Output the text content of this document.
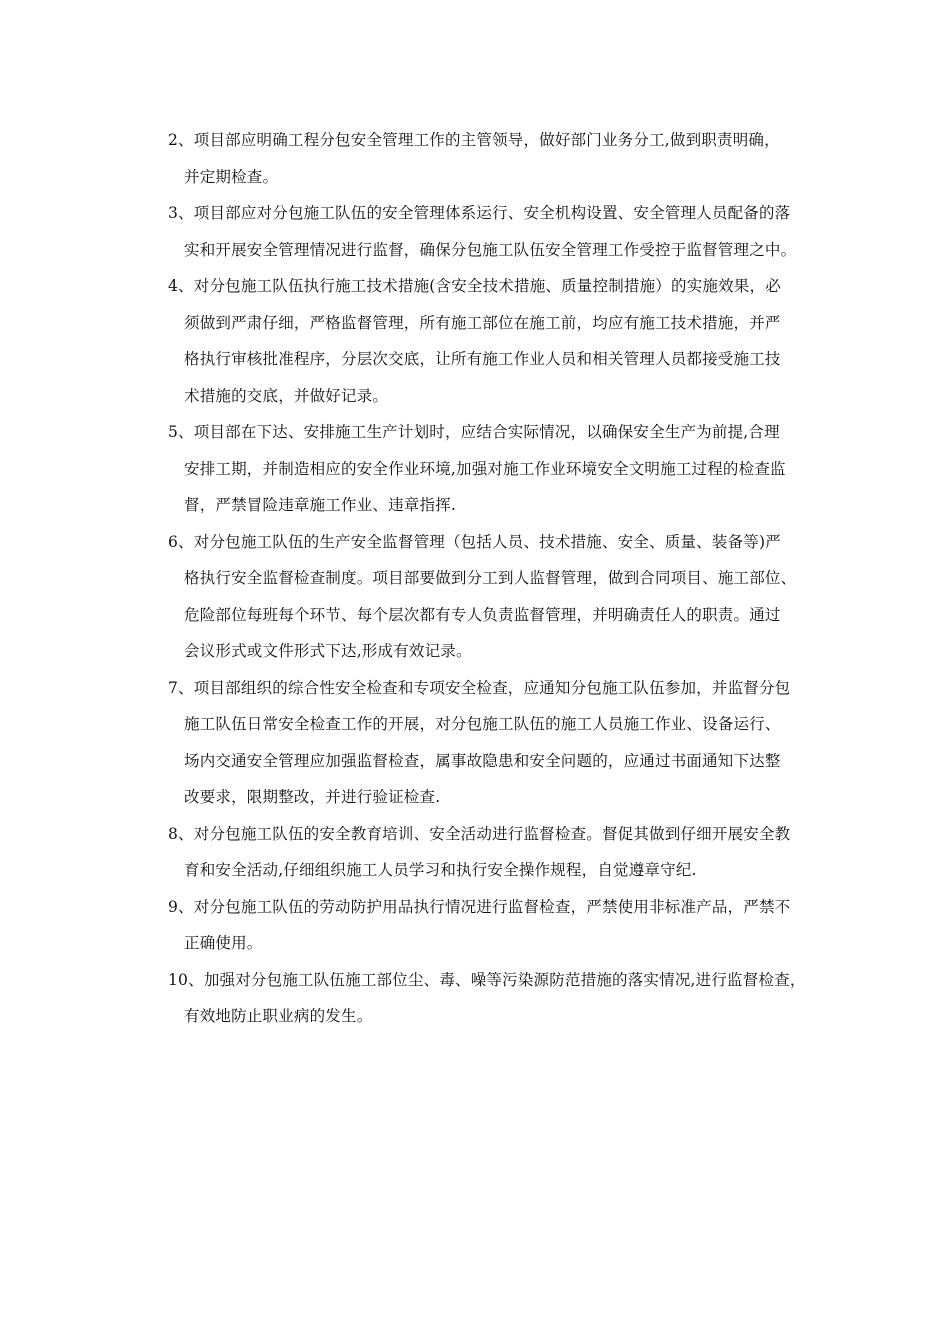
2、项目部应明确工程分包安全管理工作的主管领导，做好部门业务分工,做到职责明确，
并定期检查。

3、项目部应对分包施工队伍的安全管理体系运行、安全机构设置、安全管理人员配备的落
实和开展安全管理情况进行监督，确保分包施工队伍安全管理工作受控于监督管理之中。

4、对分包施工队伍执行施工技术措施(含安全技术措施、质量控制措施）的实施效果，必
须做到严肃仔细，严格监督管理，所有施工部位在施工前，均应有施工技术措施，并严
格执行审核批准程序，分层次交底，让所有施工作业人员和相关管理人员都接受施工技
术措施的交底，并做好记录。

5、项目部在下达、安排施工生产计划时，应结合实际情况，以确保安全生产为前提,合理
安排工期，并制造相应的安全作业环境,加强对施工作业环境安全文明施工过程的检查监
督，严禁冒险违章施工作业、违章指挥.

6、对分包施工队伍的生产安全监督管理（包括人员、技术措施、安全、质量、装备等)严
格执行安全监督检查制度。项目部要做到分工到人监督管理，做到合同项目、施工部位、
危险部位每班每个环节、每个层次都有专人负责监督管理，并明确责任人的职责。通过
会议形式或文件形式下达,形成有效记录。

7、项目部组织的综合性安全检查和专项安全检查，应通知分包施工队伍参加，并监督分包
施工队伍日常安全检查工作的开展，对分包施工队伍的施工人员施工作业、设备运行、
场内交通安全管理应加强监督检查，属事故隐患和安全问题的，应通过书面通知下达整
改要求，限期整改，并进行验证检查.

8、对分包施工队伍的安全教育培训、安全活动进行监督检查。督促其做到仔细开展安全教
育和安全活动,仔细组织施工人员学习和执行安全操作规程，自觉遵章守纪.

9、对分包施工队伍的劳动防护用品执行情况进行监督检查，严禁使用非标准产品，严禁不
正确使用。

10、加强对分包施工队伍施工部位尘、毒、噪等污染源防范措施的落实情况,进行监督检查，
有效地防止职业病的发生。
